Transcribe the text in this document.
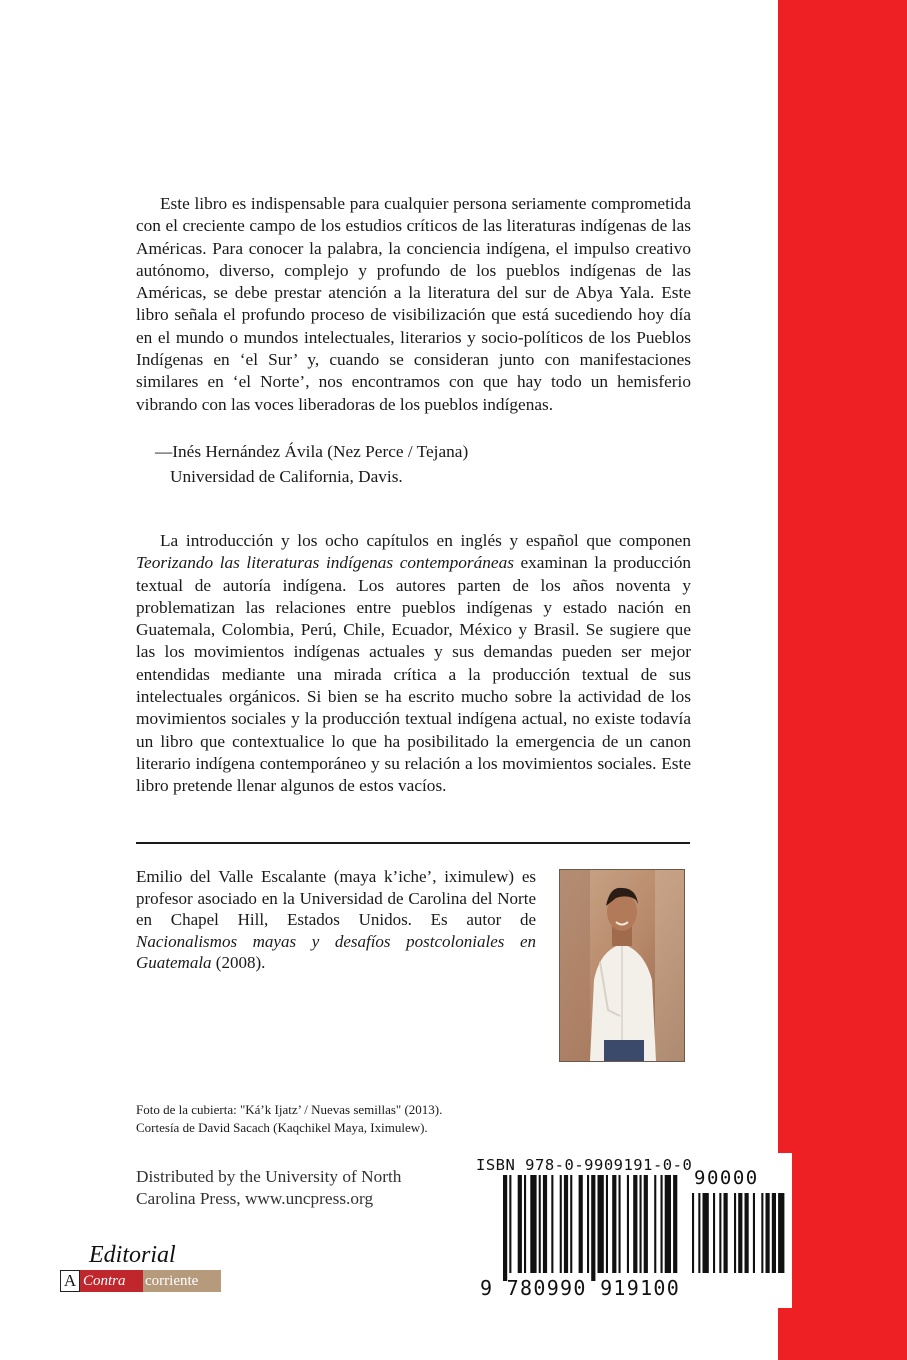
Este libro es indispensable para cualquier persona seriamente comprometida con el creciente campo de los estudios críticos de las literaturas indígenas de las Américas. Para conocer la palabra, la conciencia indígena, el impulso creativo autónomo, diverso, complejo y profundo de los pueblos indígenas de las Américas, se debe prestar atención a la literatura del sur de Abya Yala. Este libro señala el profundo proceso de visibilización que está sucediendo hoy día en el mundo o mundos intelectuales, literarios y socio-políticos de los Pueblos Indígenas en ‘el Sur’ y, cuando se consideran junto con manifestaciones similares en ‘el Norte’, nos encontramos con que hay todo un hemisferio vibrando con las voces liberadoras de los pueblos indígenas.

—Inés Hernández Ávila (Nez Perce / Tejana)
Universidad de California, Davis.

La introducción y los ocho capítulos en inglés y español que componen Teorizando las literaturas indígenas contemporáneas examinan la producción textual de autoría indígena. Los autores parten de los años noventa y problematizan las relaciones entre pueblos indígenas y estado nación en Guatemala, Colombia, Perú, Chile, Ecuador, México y Brasil. Se sugiere que las los movimientos indígenas actuales y sus demandas pueden ser mejor entendidas mediante una mirada crítica a la producción textual de sus intelectuales orgánicos. Si bien se ha escrito mucho sobre la actividad de los movimientos sociales y la producción textual indígena actual, no existe todavía un libro que contextualice lo que ha posibilitado la emergencia de un canon literario indígena contemporáneo y su relación a los movimientos sociales. Este libro pretende llenar algunos de estos vacíos.

Emilio del Valle Escalante (maya k’iche’, iximulew) es profesor asociado en la Universidad de Carolina del Norte en Chapel Hill, Estados Unidos. Es autor de Nacionalismos mayas y desafíos postcoloniales en Guatemala (2008).

Foto de la cubierta: "Ká’k Ijatz’ / Nuevas semillas" (2013).
Cortesía de David Sacach (Kaqchikel Maya, Iximulew).
Distributed by the University of North
Carolina Press, www.uncpress.org
Editorial
A Contra	corriente
ISBN 978-0-9909191-0-0
90000
9 780990 919100
